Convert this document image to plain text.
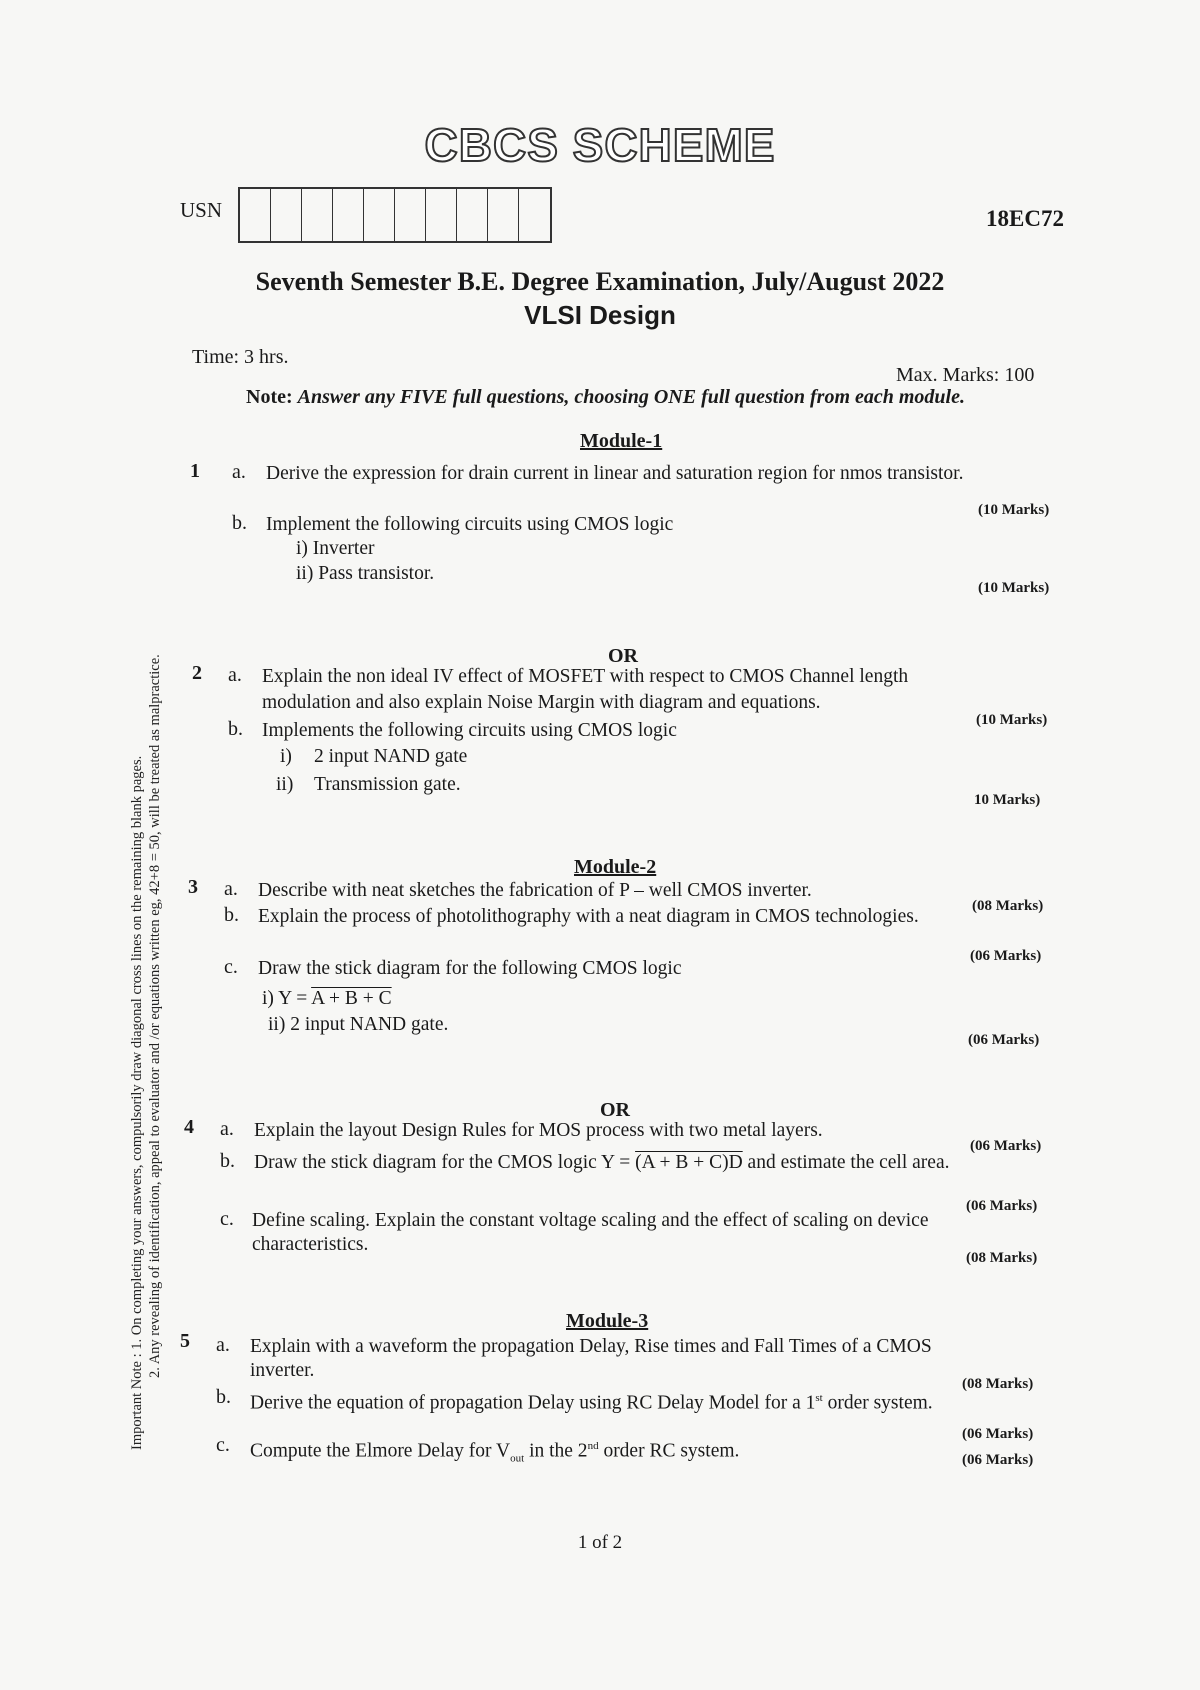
CBCS SCHEME
USN	18EC72
Seventh Semester B.E. Degree Examination, July/August 2022
VLSI Design
Time: 3 hrs.
Max. Marks: 100
Note: Answer any FIVE full questions, choosing ONE full question from each module.
Important Note : 1. On completing your answers, compulsorily draw diagonal cross lines on the remaining blank pages. 2. Any revealing of identification, appeal to evaluator and /or equations written eg, 42+8 = 50, will be treated as malpractice.
Module-1
1 a. Derive the expression for drain current in linear and saturation region for nmos transistor.
(10 Marks)
b. Implement the following circuits using CMOS logic
i) Inverter
ii) Pass transistor.
(10 Marks)
OR
2 a. Explain the non ideal IV effect of MOSFET with respect to CMOS Channel length
modulation and also explain Noise Margin with diagram and equations.
(10 Marks)
b. Implements the following circuits using CMOS logic
i) 2 input NAND gate
ii) Transmission gate.
10 Marks)
Module-2
3 a. Describe with neat sketches the fabrication of P – well CMOS inverter.
(08 Marks)
b. Explain the process of photolithography with a neat diagram in CMOS technologies.
(06 Marks)
c. Draw the stick diagram for the following CMOS logic
i) Y = A + B + C
ii) 2 input NAND gate.
(06 Marks)
OR
4 a. Explain the layout Design Rules for MOS process with two metal layers.
(06 Marks)
b. Draw the stick diagram for the CMOS logic Y = (A + B + C)D and estimate the cell area.
(06 Marks)
c. Define scaling. Explain the constant voltage scaling and the effect of scaling on device
characteristics.
(08 Marks)
Module-3
5 a. Explain with a waveform the propagation Delay, Rise times and Fall Times of a CMOS
inverter.
(08 Marks)
b. Derive the equation of propagation Delay using RC Delay Model for a 1st order system.
(06 Marks)
c. Compute the Elmore Delay for $V_{out}$ in the 2nd order RC system.	(06 Marks)
1 of 2
